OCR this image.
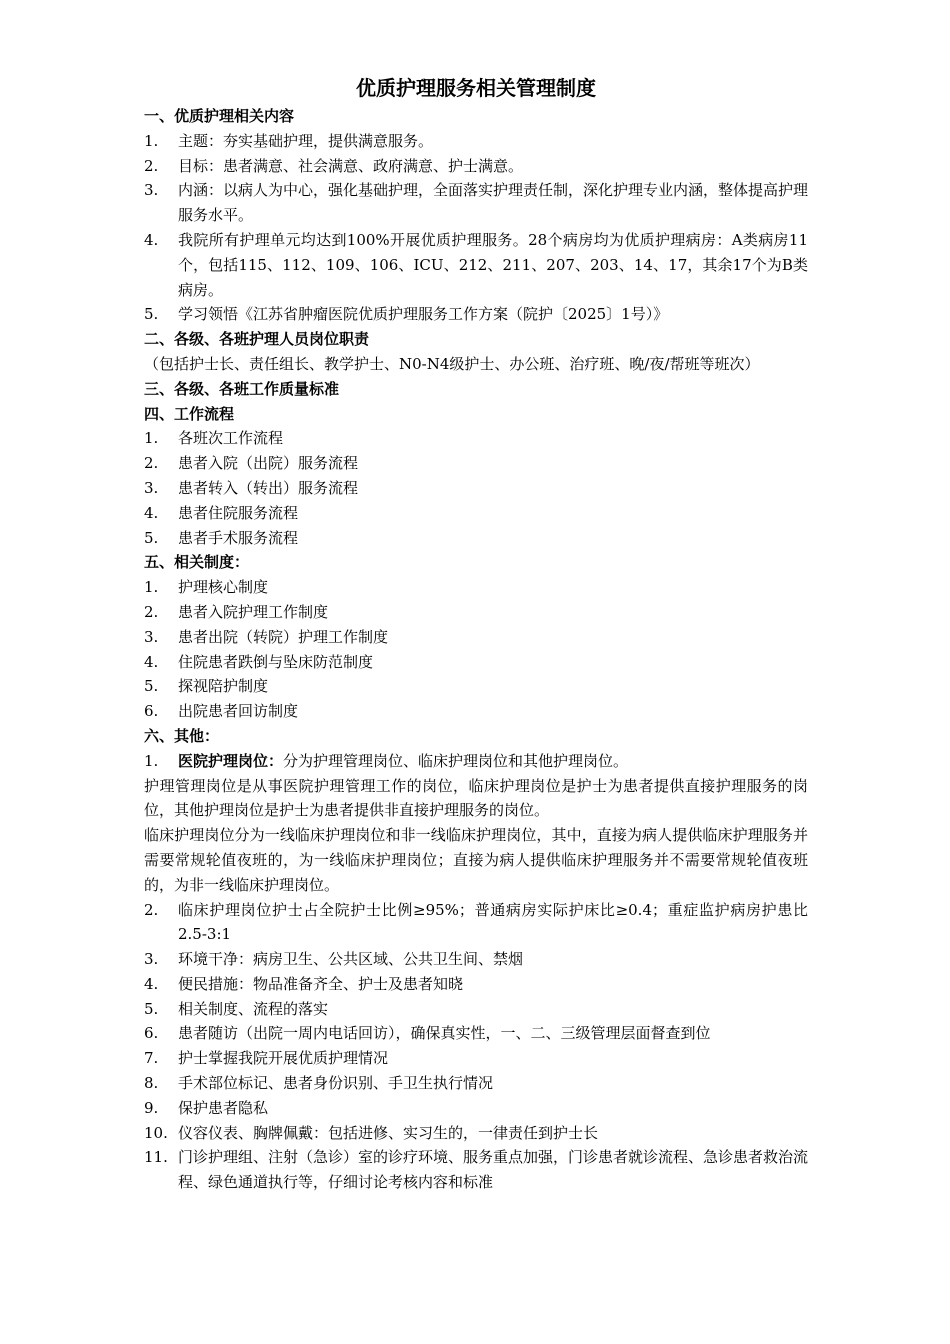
优质护理服务相关管理制度
一、优质护理相关内容
1.	主题：夯实基础护理，提供满意服务。
2.	目标：患者满意、社会满意、政府满意、护士满意。
3.	内涵：以病人为中心，强化基础护理，全面落实护理责任制，深化护理专业内涵，整体提高护理服务水平。
4.	我院所有护理单元均达到100%开展优质护理服务。28个病房均为优质护理病房：A类病房11个，包括115、112、109、106、ICU、212、211、207、203、14、17，其余17个为B类病房。
5.	学习领悟《江苏省肿瘤医院优质护理服务工作方案（院护〔2025〕1号）》
二、各级、各班护理人员岗位职责
（包括护士长、责任组长、教学护士、N0-N4级护士、办公班、治疗班、晚/夜/帮班等班次）
三、各级、各班工作质量标准
四、工作流程
1.	各班次工作流程
2.	患者入院（出院）服务流程
3.	患者转入（转出）服务流程
4.	患者住院服务流程
5.	患者手术服务流程
五、相关制度：
1.	护理核心制度
2.	患者入院护理工作制度
3.	患者出院（转院）护理工作制度
4.	住院患者跌倒与坠床防范制度
5.	探视陪护制度
6.	出院患者回访制度
六、其他：
1.	医院护理岗位：分为护理管理岗位、临床护理岗位和其他护理岗位。
护理管理岗位是从事医院护理管理工作的岗位，临床护理岗位是护士为患者提供直接护理服务的岗位，其他护理岗位是护士为患者提供非直接护理服务的岗位。
临床护理岗位分为一线临床护理岗位和非一线临床护理岗位，其中，直接为病人提供临床护理服务并需要常规轮值夜班的，为一线临床护理岗位；直接为病人提供临床护理服务并不需要常规轮值夜班的，为非一线临床护理岗位。
2.	临床护理岗位护士占全院护士比例≥95%；普通病房实际护床比≥0.4；重症监护病房护患比2.5-3:1
3.	环境干净：病房卫生、公共区域、公共卫生间、禁烟
4.	便民措施：物品准备齐全、护士及患者知晓
5.	相关制度、流程的落实
6.	患者随访（出院一周内电话回访），确保真实性，一、二、三级管理层面督查到位
7.	护士掌握我院开展优质护理情况
8.	手术部位标记、患者身份识别、手卫生执行情况
9.	保护患者隐私
10. 仪容仪表、胸牌佩戴：包括进修、实习生的，一律责任到护士长
11. 门诊护理组、注射（急诊）室的诊疗环境、服务重点加强，门诊患者就诊流程、急诊患者救治流程、绿色通道执行等，仔细讨论考核内容和标准
